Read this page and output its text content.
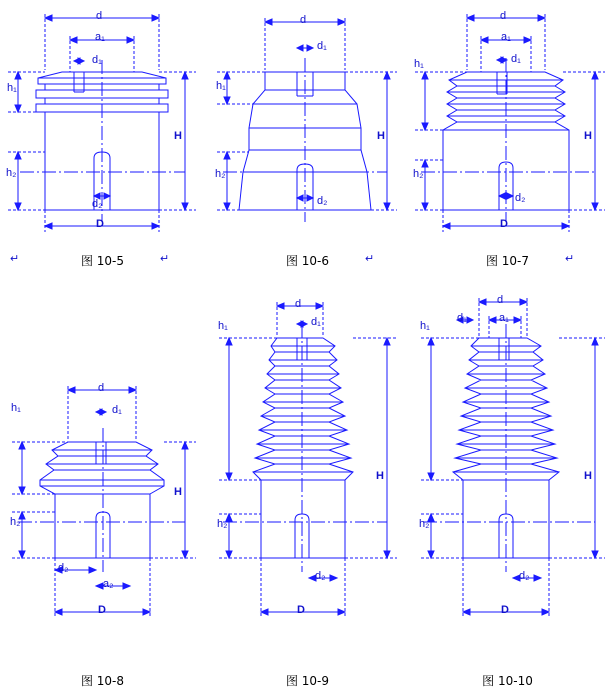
d
a₁
d₁
h₁
h₂
H
d₂
D
图 10-5	↵
↵
d
d₁
h₁
h₂
H
d₂
图 10-6	↵
d
a₁
d₁
h₁
h₂
H
d₂
D
图 10-7	↵
d
d₁
h₁
h₂
H
d₂
a₂
D
图 10-8
d
d₁
h₁
h₂
H
d₂
D
图 10-9
d
a₁
d₁
h₁
h₂
H
d₂
D
图 10-10
